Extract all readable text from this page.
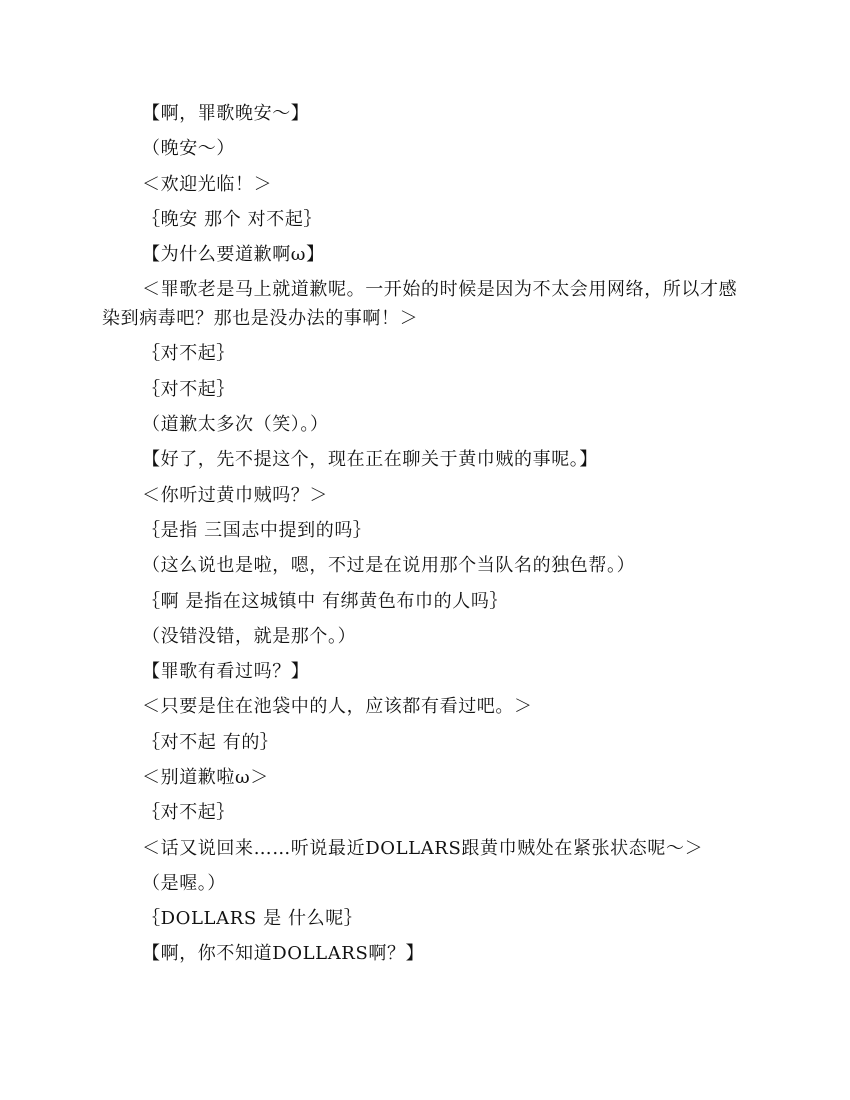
【啊，罪歌晚安～】

（晚安～）

＜欢迎光临！＞

｛晚安 那个 对不起｝

【为什么要道歉啊ω】

＜罪歌老是马上就道歉呢。一开始的时候是因为不太会用网络，所以才感染到病毒吧？那也是没办法的事啊！＞

｛对不起｝

｛对不起｝

（道歉太多次（笑）。）

【好了，先不提这个，现在正在聊关于黄巾贼的事呢。】

＜你听过黄巾贼吗？＞

｛是指 三国志中提到的吗｝

（这么说也是啦，嗯，不过是在说用那个当队名的独色帮。）

｛啊 是指在这城镇中 有绑黄色布巾的人吗｝

（没错没错，就是那个。）

【罪歌有看过吗？】

＜只要是住在池袋中的人，应该都有看过吧。＞

｛对不起 有的｝

＜别道歉啦ω＞

｛对不起｝

＜话又说回来……听说最近DOLLARS跟黄巾贼处在紧张状态呢～＞

（是喔。）

｛DOLLARS 是 什么呢｝

【啊，你不知道DOLLARS啊？】
